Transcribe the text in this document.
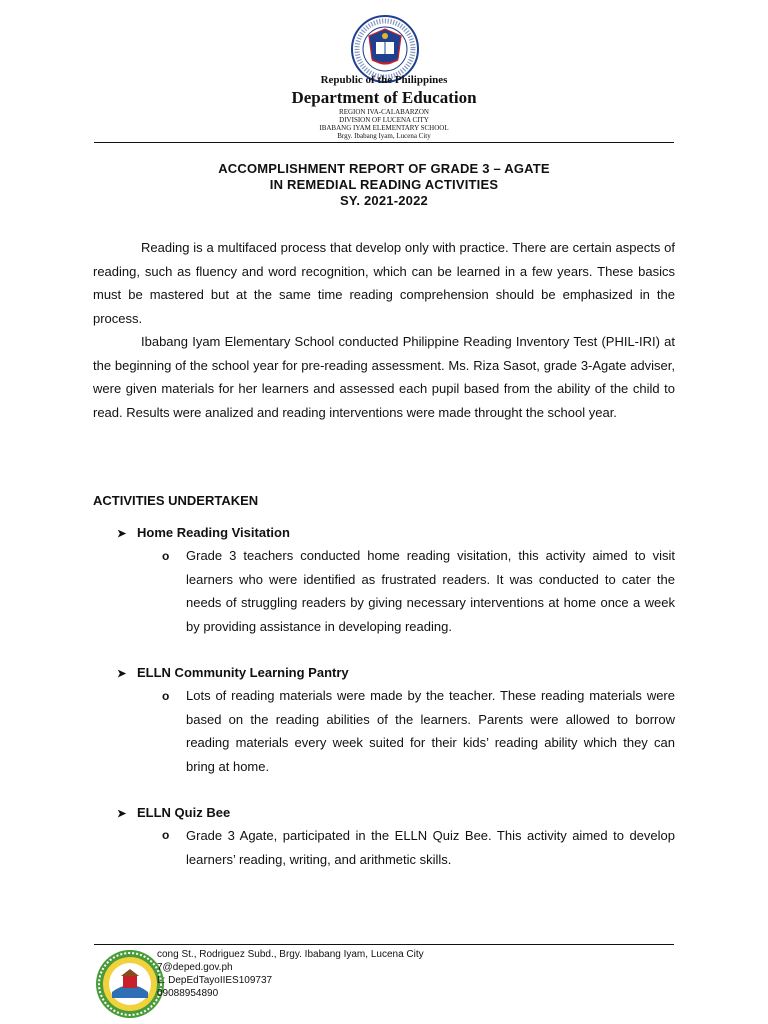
Republic of the Philippines
Department of Education
REGION IVA-CALABARZON
DIVISION OF LUCENA CITY
IBABANG IYAM ELEMENTARY SCHOOL
Brgy. Ibabang Iyam, Lucena City
ACCOMPLISHMENT REPORT OF GRADE 3 – AGATE
IN REMEDIAL READING ACTIVITIES
SY. 2021-2022
Reading is a multifaced process that develop only with practice. There are certain aspects of reading, such as fluency and word recognition, which can be learned in a few years. These basics must be mastered but at the same time reading comprehension should be emphasized in the process.
Ibabang Iyam Elementary School conducted Philippine Reading Inventory Test (PHIL-IRI) at the beginning of the school year for pre-reading assessment. Ms. Riza Sasot, grade 3-Agate adviser, were given materials for her learners and assessed each pupil based from the ability of the child to read. Results were analized and reading interventions were made throught the school year.
ACTIVITIES UNDERTAKEN
➤ Home Reading Visitation
o Grade 3 teachers conducted home reading visitation, this activity aimed to visit learners who were identified as frustrated readers. It was conducted to cater the needs of struggling readers by giving necessary interventions at home once a week by providing assistance in developing reading.
➤ ELLN Community Learning Pantry
o Lots of reading materials were made by the teacher. These reading materials were based on the reading abilities of the learners. Parents were allowed to borrow reading materials every week suited for their kids’ reading ability which they can bring at home.
➤ ELLN Quiz Bee
o Grade 3 Agate, participated in the ELLN Quiz Bee. This activity aimed to develop learners’ reading, writing, and arithmetic skills.
cong St., Rodriguez Subd., Brgy. Ibabang Iyam, Lucena City
7@deped.gov.ph
L: DepEdTayoIIES109737
09088954890
